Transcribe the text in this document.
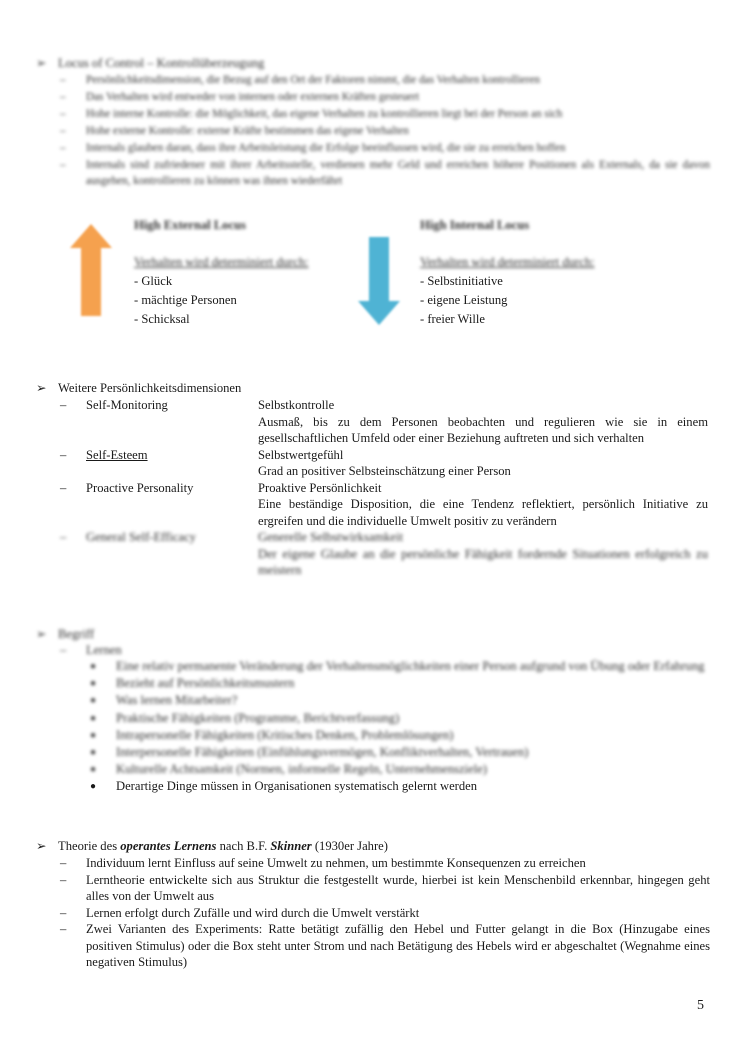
➢ Locus of Control – Kontrollüberzeugung
–	Persönlichkeitsdimension, die Bezug auf den Ort der Faktoren nimmt, die das Verhalten kontrollieren
–	Das Verhalten wird entweder von internen oder externen Kräften gesteuert
–	Hohe interne Kontrolle: die Möglichkeit, das eigene Verhalten zu kontrollieren liegt bei der Person an sich
–	Hohe externe Kontrolle: externe Kräfte bestimmen das eigene Verhalten
–	Internals glauben daran, dass ihre Arbeitsleistung die Erfolge beeinflussen wird, die sie zu erreichen hoffen
–	Internals sind zufriedener mit ihrer Arbeitsstelle, verdienen mehr Geld und erreichen höhere Positionen als Externals, da sie davon ausgehen, kontrollieren zu können was ihnen wiederfährt
High External Locus
Verhalten wird determiniert durch:
- Glück
- mächtige Personen
- Schicksal
High Internal Locus
Verhalten wird determiniert durch:
- Selbstinitiative
- eigene Leistung
- freier Wille
➢ Weitere Persönlichkeitsdimensionen
–	Self-Monitoring	Selbstkontrolle
Ausmaß, bis zu dem Personen beobachten und regulieren wie sie in einem gesellschaftlichen Umfeld oder einer Beziehung auftreten und sich verhalten
–	Self-Esteem	Selbstwertgefühl
Grad an positiver Selbsteinschätzung einer Person
–	Proactive Personality	Proaktive Persönlichkeit
Eine beständige Disposition, die eine Tendenz reflektiert, persönlich Initiative zu ergreifen und die individuelle Umwelt positiv zu verändern
–	General Self-Efficacy	Generelle Selbstwirksamkeit
Der eigene Glaube an die persönliche Fähigkeit fordernde Situationen erfolgreich zu meistern
➢ Begriff
–	Lernen
●	Eine relativ permanente Veränderung der Verhaltensmöglichkeiten einer Person aufgrund von Übung oder Erfahrung
●	Bezieht auf Persönlichkeitsmustern
●	Was lernen Mitarbeiter?
●	Praktische Fähigkeiten (Programme, Berichtverfassung)
●	Intrapersonelle Fähigkeiten (Kritisches Denken, Problemlösungen)
●	Interpersonelle Fähigkeiten (Einfühlungsvermögen, Konfliktverhalten, Vertrauen)
●	Kulturelle Achtsamkeit (Normen, informelle Regeln, Unternehmensziele)
●	Derartige Dinge müssen in Organisationen systematisch gelernt werden
➢ Theorie des operantes Lernens nach B.F. Skinner (1930er Jahre)
–	Individuum lernt Einfluss auf seine Umwelt zu nehmen, um bestimmte Konsequenzen zu erreichen
–	Lerntheorie entwickelte sich aus Struktur die festgestellt wurde, hierbei ist kein Menschenbild erkennbar, hingegen geht alles von der Umwelt aus
–	Lernen erfolgt durch Zufälle und wird durch die Umwelt verstärkt
–	Zwei Varianten des Experiments: Ratte betätigt zufällig den Hebel und Futter gelangt in die Box (Hinzugabe eines positiven Stimulus) oder die Box steht unter Strom und nach Betätigung des Hebels wird er abgeschaltet (Wegnahme eines negativen Stimulus)
5
